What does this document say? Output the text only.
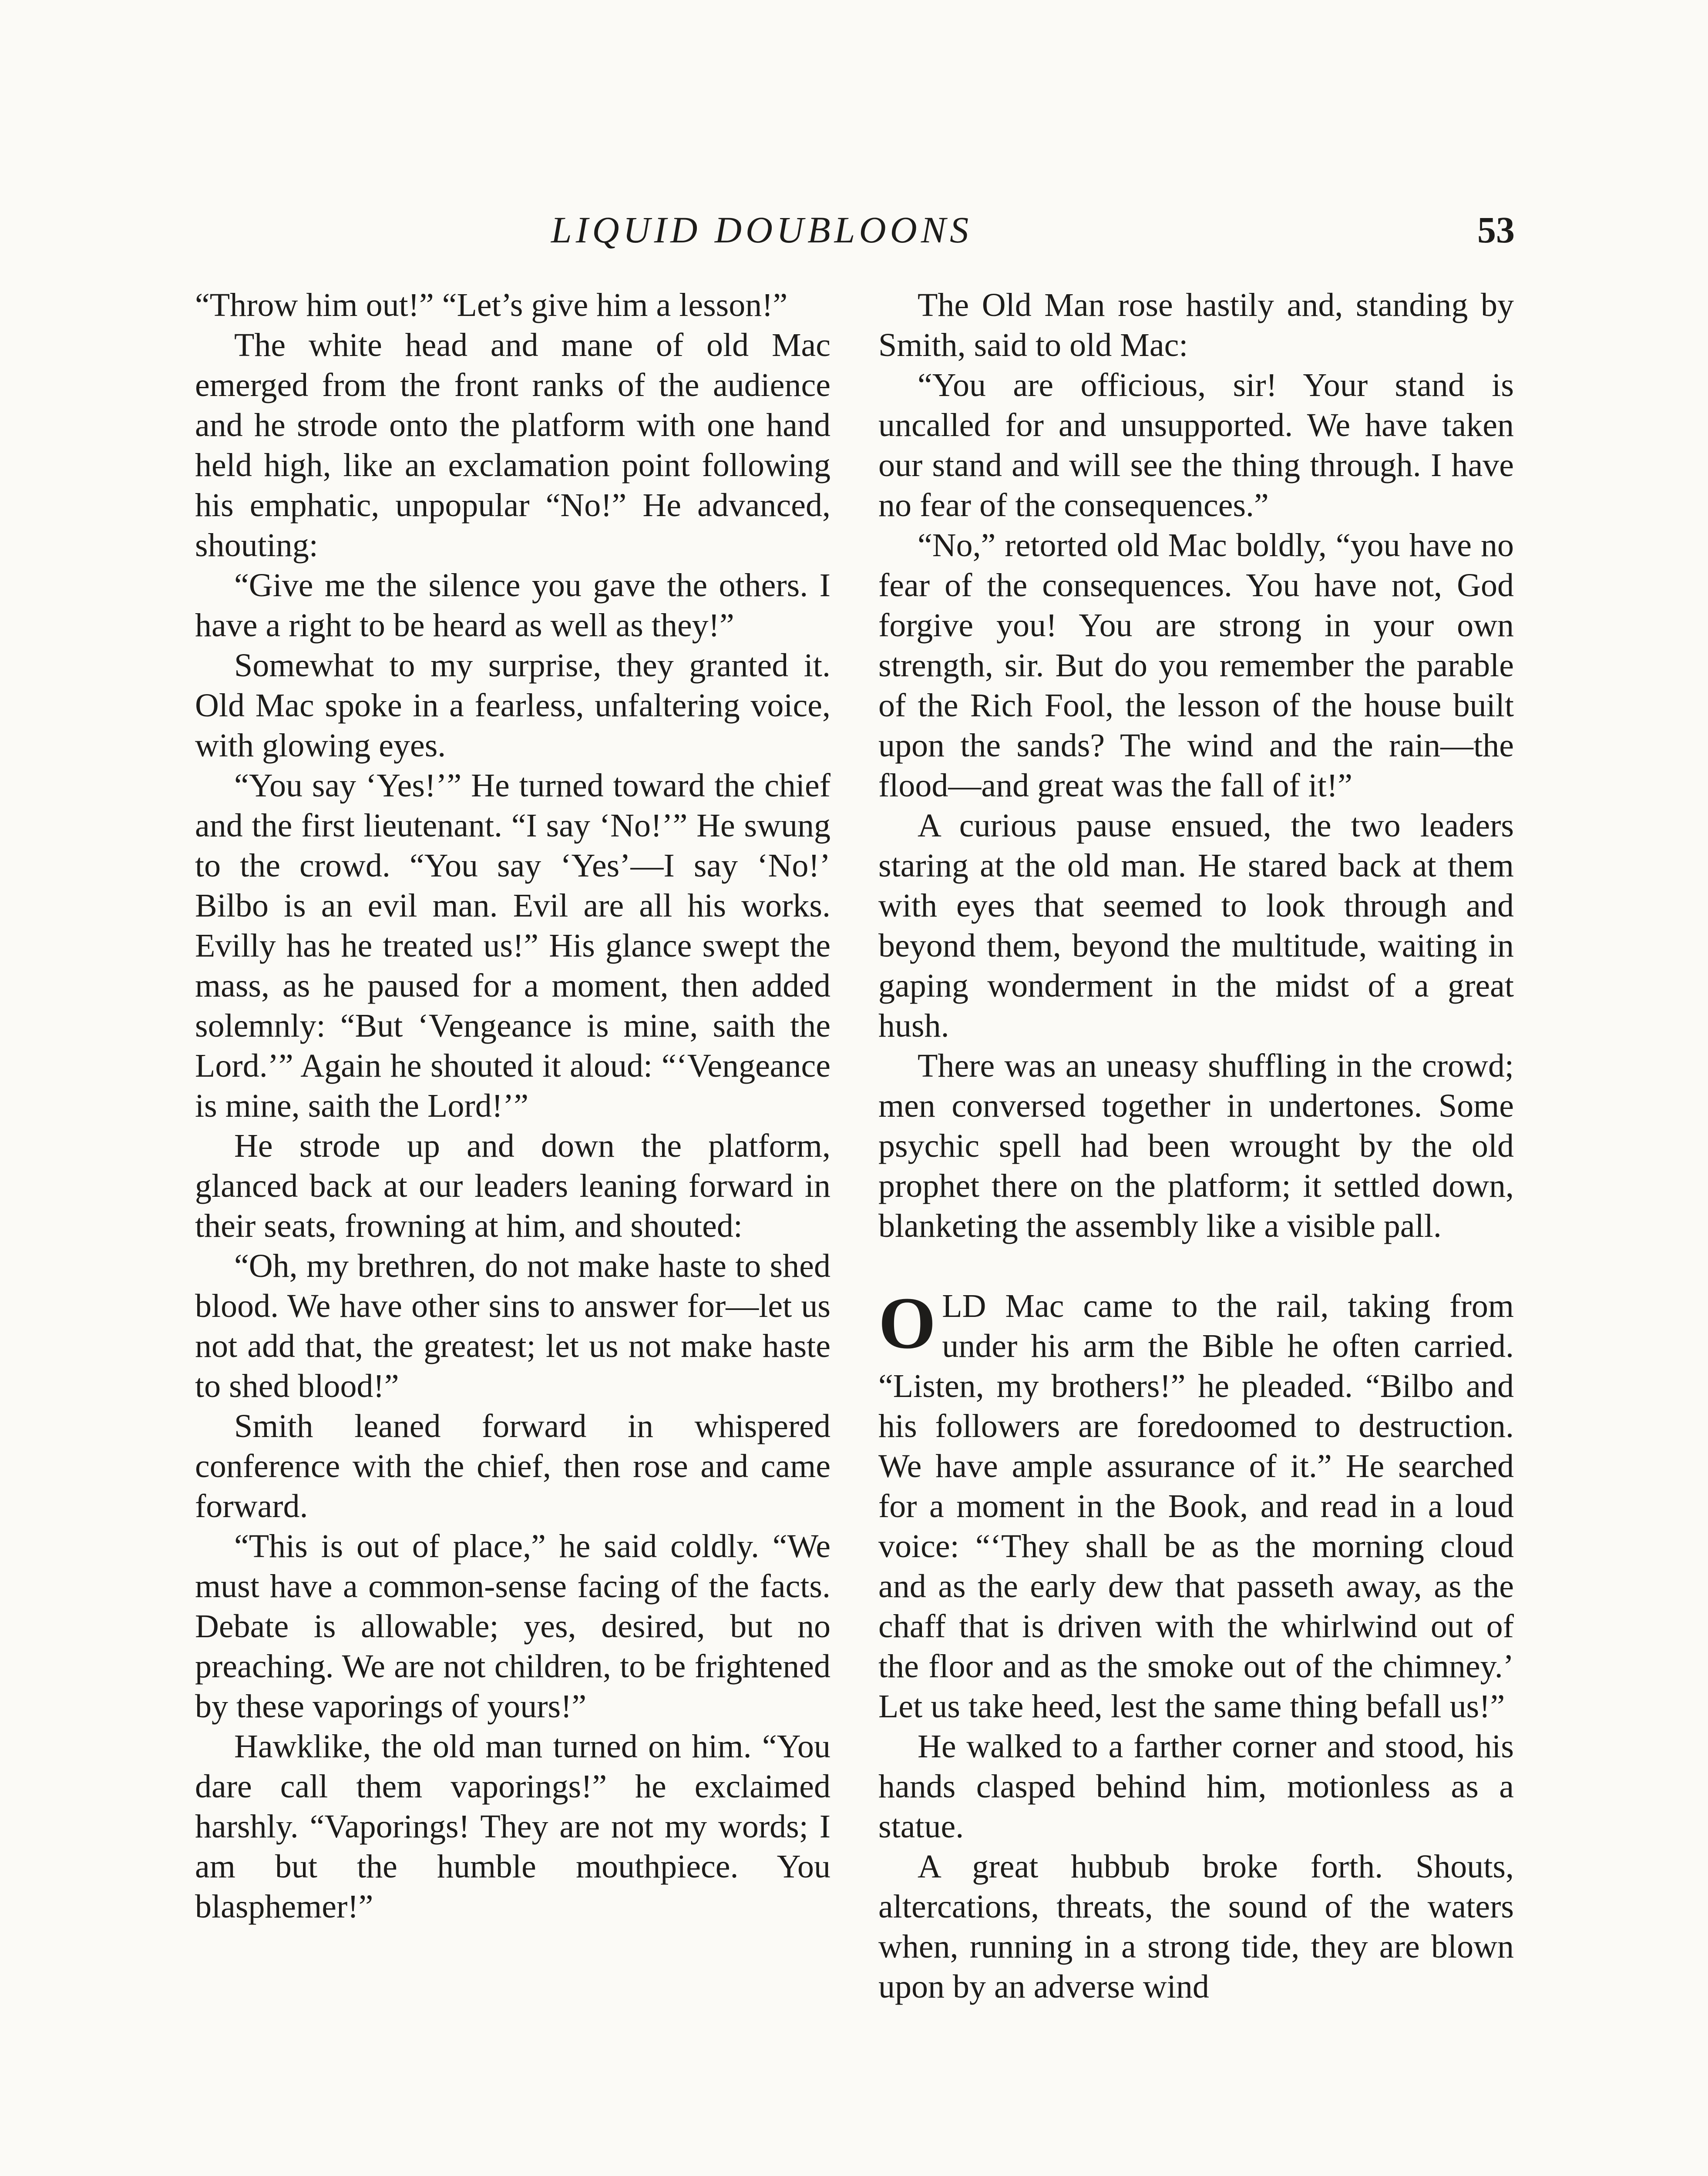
LIQUID DOUBLOONS	53

“Throw him out!” “Let’s give him a lesson!”

The white head and mane of old Mac emerged from the front ranks of the audience and he strode onto the platform with one hand held high, like an exclamation point following his emphatic, unpopular “No!” He advanced, shouting:

“Give me the silence you gave the others. I have a right to be heard as well as they!”

Somewhat to my surprise, they granted it. Old Mac spoke in a fearless, unfaltering voice, with glowing eyes.

“You say ‘Yes!’” He turned toward the chief and the first lieutenant. “I say ‘No!’” He swung to the crowd. “You say ‘Yes’—I say ‘No!’ Bilbo is an evil man. Evil are all his works. Evilly has he treated us!” His glance swept the mass, as he paused for a moment, then added solemnly: “But ‘Vengeance is mine, saith the Lord.’” Again he shouted it aloud: “‘Vengeance is mine, saith the Lord!’”

He strode up and down the platform, glanced back at our leaders leaning forward in their seats, frowning at him, and shouted:

“Oh, my brethren, do not make haste to shed blood. We have other sins to answer for—let us not add that, the greatest; let us not make haste to shed blood!”

Smith leaned forward in whispered conference with the chief, then rose and came forward.

“This is out of place,” he said coldly. “We must have a common-sense facing of the facts. Debate is allowable; yes, desired, but no preaching. We are not children, to be frightened by these vaporings of yours!”

Hawklike, the old man turned on him. “You dare call them vaporings!” he exclaimed harshly. “Vaporings! They are not my words; I am but the humble mouthpiece. You blasphemer!”

The Old Man rose hastily and, standing by Smith, said to old Mac:

“You are officious, sir! Your stand is uncalled for and unsupported. We have taken our stand and will see the thing through. I have no fear of the consequences.”

“No,” retorted old Mac boldly, “you have no fear of the consequences. You have not, God forgive you! You are strong in your own strength, sir. But do you remember the parable of the Rich Fool, the lesson of the house built upon the sands? The wind and the rain—the flood—and great was the fall of it!”

A curious pause ensued, the two leaders staring at the old man. He stared back at them with eyes that seemed to look through and beyond them, beyond the multitude, waiting in gaping wonderment in the midst of a great hush.

There was an uneasy shuffling in the crowd; men conversed together in undertones. Some psychic spell had been wrought by the old prophet there on the platform; it settled down, blanketing the assembly like a visible pall.

OLD Mac came to the rail, taking from under his arm the Bible he often carried. “Listen, my brothers!” he pleaded. “Bilbo and his followers are foredoomed to destruction. We have ample assurance of it.” He searched for a moment in the Book, and read in a loud voice: “‘They shall be as the morning cloud and as the early dew that passeth away, as the chaff that is driven with the whirlwind out of the floor and as the smoke out of the chimney.’ Let us take heed, lest the same thing befall us!”

He walked to a farther corner and stood, his hands clasped behind him, motionless as a statue.

A great hubbub broke forth. Shouts, altercations, threats, the sound of the waters when, running in a strong tide, they are blown upon by an adverse wind
